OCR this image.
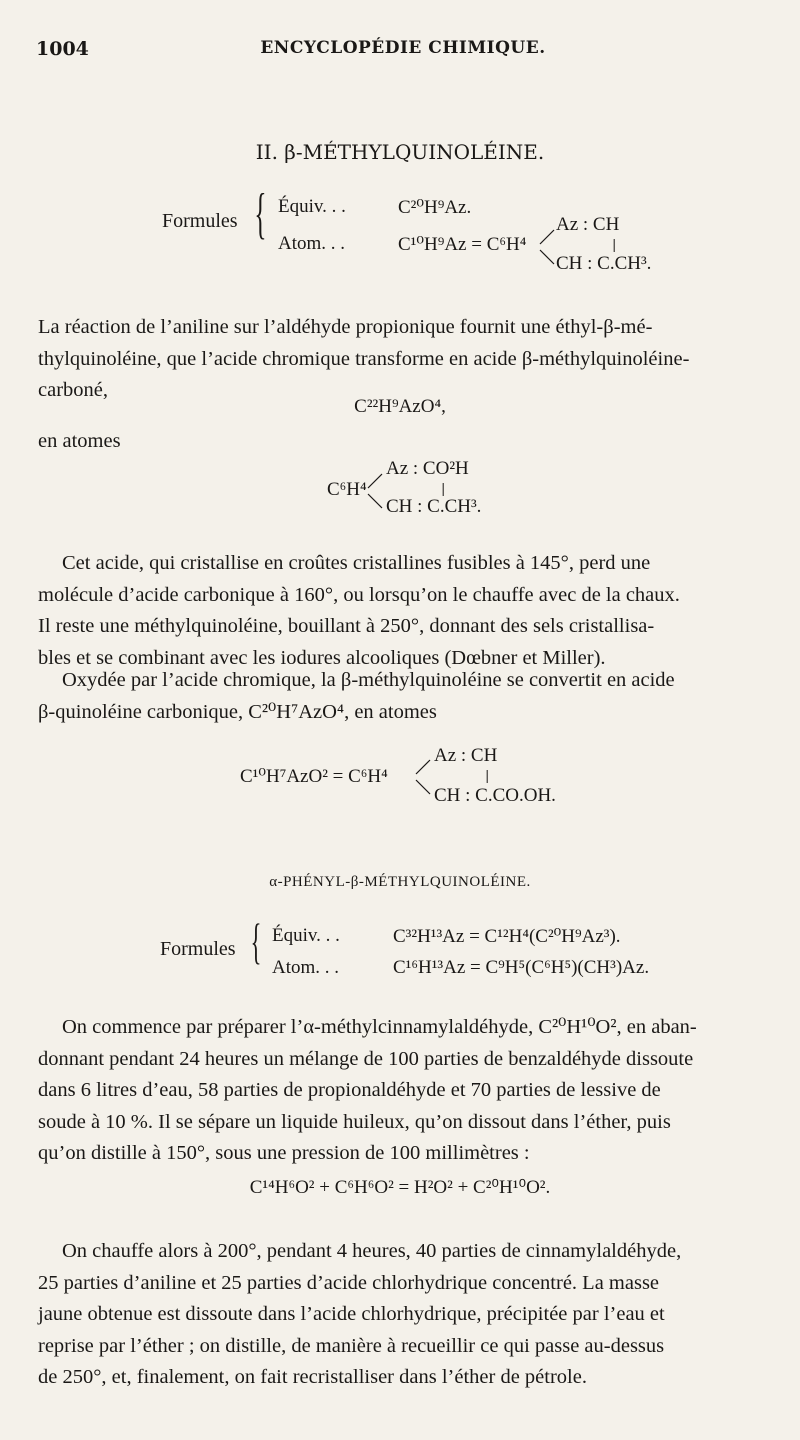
1004	ENCYCLOPÉDIE CHIMIQUE.
II. β-MÉTHYLQUINOLÉINE.
Formules { Équiv. . .	C²⁰H⁹Az.
Atom. . .	C¹⁰H⁹Az = C⁶H⁴
Az : CH
|
CH : C.CH³.
La réaction de l’aniline sur l’aldéhyde propionique fournit une éthyl-β-mé-
thylquinoléine, que l’acide chromique transforme en acide β-méthylquinoléine-
carboné,
C²²H⁹AzO⁴,
en atomes
C⁶H⁴
Az : CO²H
|
CH : C.CH³.
Cet acide, qui cristallise en croûtes cristallines fusibles à 145°, perd une
molécule d’acide carbonique à 160°, ou lorsqu’on le chauffe avec de la chaux.
Il reste une méthylquinoléine, bouillant à 250°, donnant des sels cristallisa-
bles et se combinant avec les iodures alcooliques (Dœbner et Miller).
Oxydée par l’acide chromique, la β-méthylquinoléine se convertit en acide
β-quinoléine carbonique, C²⁰H⁷AzO⁴, en atomes
C¹⁰H⁷AzO² = C⁶H⁴
Az : CH
|
CH : C.CO.OH.
α-PHÉNYL-β-MÉTHYLQUINOLÉINE.
Formules { Équiv. . .	C³²H¹³Az = C¹²H⁴(C²⁰H⁹Az³).
Atom. . .	C¹⁶H¹³Az = C⁹H⁵(C⁶H⁵)(CH³)Az.
On commence par préparer l’α-méthylcinnamylaldéhyde, C²⁰H¹⁰O², en aban-
donnant pendant 24 heures un mélange de 100 parties de benzaldéhyde dissoute
dans 6 litres d’eau, 58 parties de propionaldéhyde et 70 parties de lessive de
soude à 10 %. Il se sépare un liquide huileux, qu’on dissout dans l’éther, puis
qu’on distille à 150°, sous une pression de 100 millimètres :
C¹⁴H⁶O² + C⁶H⁶O² = H²O² + C²⁰H¹⁰O².
On chauffe alors à 200°, pendant 4 heures, 40 parties de cinnamylaldéhyde,
25 parties d’aniline et 25 parties d’acide chlorhydrique concentré. La masse
jaune obtenue est dissoute dans l’acide chlorhydrique, précipitée par l’eau et
reprise par l’éther ; on distille, de manière à recueillir ce qui passe au-dessus
de 250°, et, finalement, on fait recristalliser dans l’éther de pétrole.
